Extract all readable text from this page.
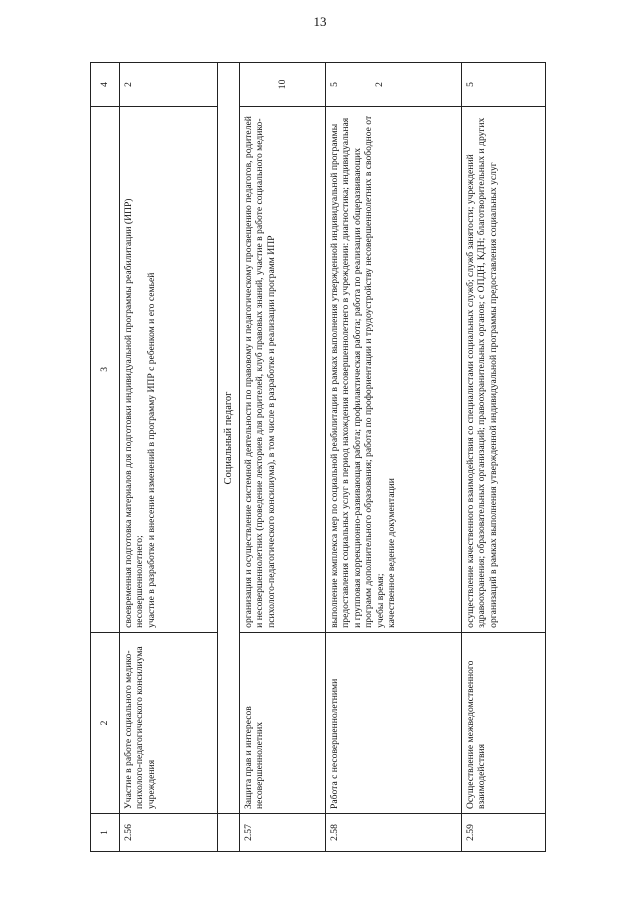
13
1	2	3	4
2.56	Участие в работе социального медико-психолого-педагогического консилиума учреждения	своевременная подготовка материалов для подготовки индивидуальной программы реабилитации (ИПР) несовершеннолетнего; участие в разработке и внесение изменений в программу ИПР с ребенком и его семьей	2
	Социальный педагог		
2.57	Защита прав и интересов несовершеннолетних	организация и осуществление системной деятельности по правовому и педагогическому просвещению педагогов, родителей и несовершеннолетних (проведение лекториев для родителей, клуб правовых знаний, участие в работе социального медико-психолого-педагогического консилиума), в том числе в разработке и реализации программ ИПР	10
2.58	Работа с несовершеннолетними	выполнение комплекса мер по социальной реабилитации в рамках выполнения утвержденной индивидуальной программы предоставления социальных услуг в период нахождения несовершеннолетнего в учреждении: диагностика; индивидуальная и групповая коррекционно-развивающая работа; профилактическая работа; работа по реализации общеразвивающих программ дополнительного образования; работа по профориентации и трудоустройству несовершеннолетних в свободное от учебы время; качественное ведение документации	5 2

2.59	Осуществление межведомственного взаимодействия	осуществление качественного взаимодействия со специалистами социальных служб; служб занятости; учреждений здравоохранения; образовательных организаций; правоохранительных органов; с ОПДН, КДН; благотворительных и других организаций в рамках выполнения утвержденной индивидуальной программы предоставления социальных услуг	5
